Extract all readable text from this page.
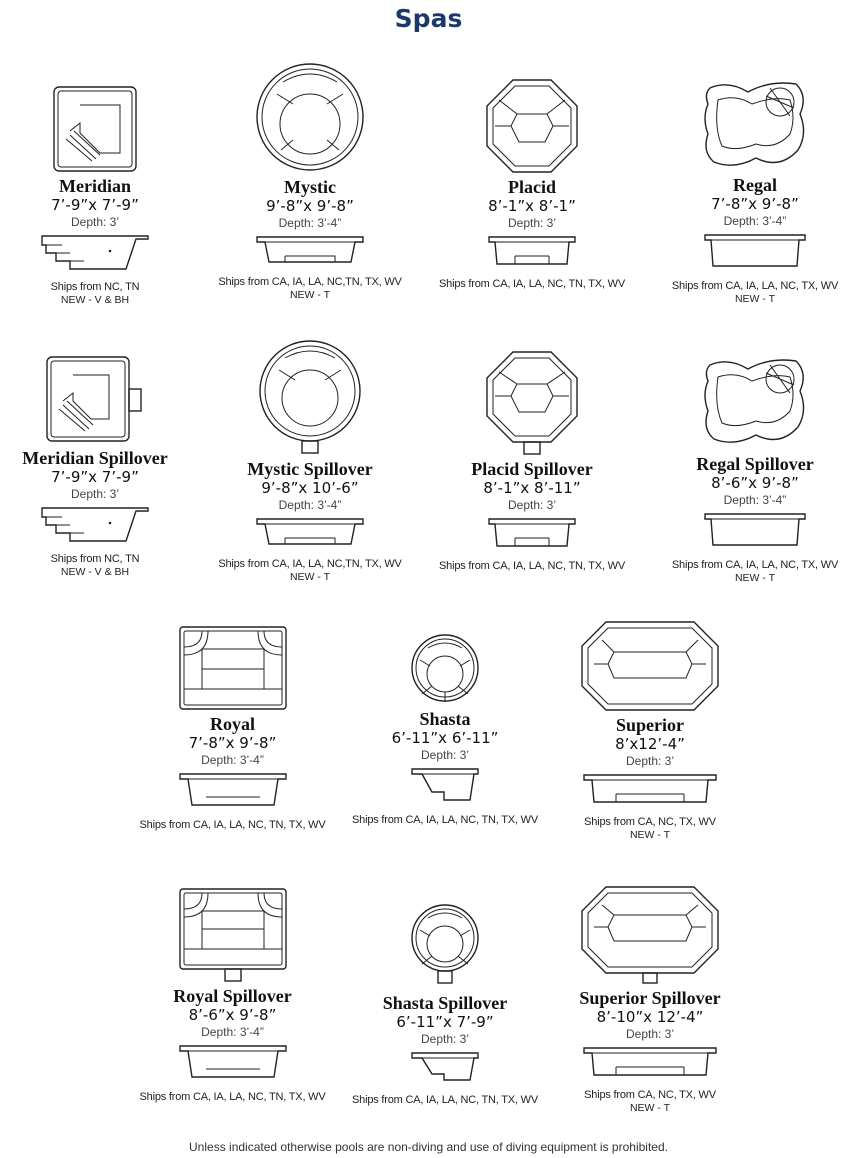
Spas
Meridian
7’-9”x 7’-9”
Depth: 3’
Ships from NC, TN
NEW - V & BH
Mystic
9’-8”x 9’-8”
Depth: 3’-4”
Ships from CA, IA, LA, NC,TN, TX, WV
NEW - T
Placid
8’-1”x 8’-1”
Depth: 3’
Ships from CA, IA, LA, NC, TN, TX, WV
Regal
7’-8”x 9’-8”
Depth: 3’-4”
Ships from CA, IA, LA, NC, TX, WV
NEW - T
Meridian Spillover
7’-9”x 7’-9”
Depth: 3’
Ships from NC, TN
NEW - V & BH
Mystic Spillover
9’-8”x 10’-6”
Depth: 3’-4”
Ships from CA, IA, LA, NC,TN, TX, WV
NEW - T
Placid Spillover
8’-1”x 8’-11”
Depth: 3’
Ships from CA, IA, LA, NC, TN, TX, WV
Regal Spillover
8’-6”x 9’-8”
Depth: 3’-4”
Ships from CA, IA, LA, NC, TX, WV
NEW - T
Royal
7’-8”x 9’-8”
Depth: 3’-4”
Ships from CA, IA, LA, NC, TN, TX, WV
Shasta
6’-11”x 6’-11”
Depth: 3’
Ships from CA, IA, LA, NC, TN, TX, WV
Superior
8’x12’-4”
Depth: 3’
Ships from CA, NC, TX, WV
NEW - T
Royal Spillover
8’-6”x 9’-8”
Depth: 3’-4”
Ships from CA, IA, LA, NC, TN, TX, WV
Shasta Spillover
6’-11”x 7’-9”
Depth: 3’
Ships from CA, IA, LA, NC, TN, TX, WV
Superior Spillover
8’-10”x 12’-4”
Depth: 3’
Ships from CA, NC, TX, WV
NEW - T
Unless indicated otherwise pools are non-diving and use of diving equipment is prohibited.
